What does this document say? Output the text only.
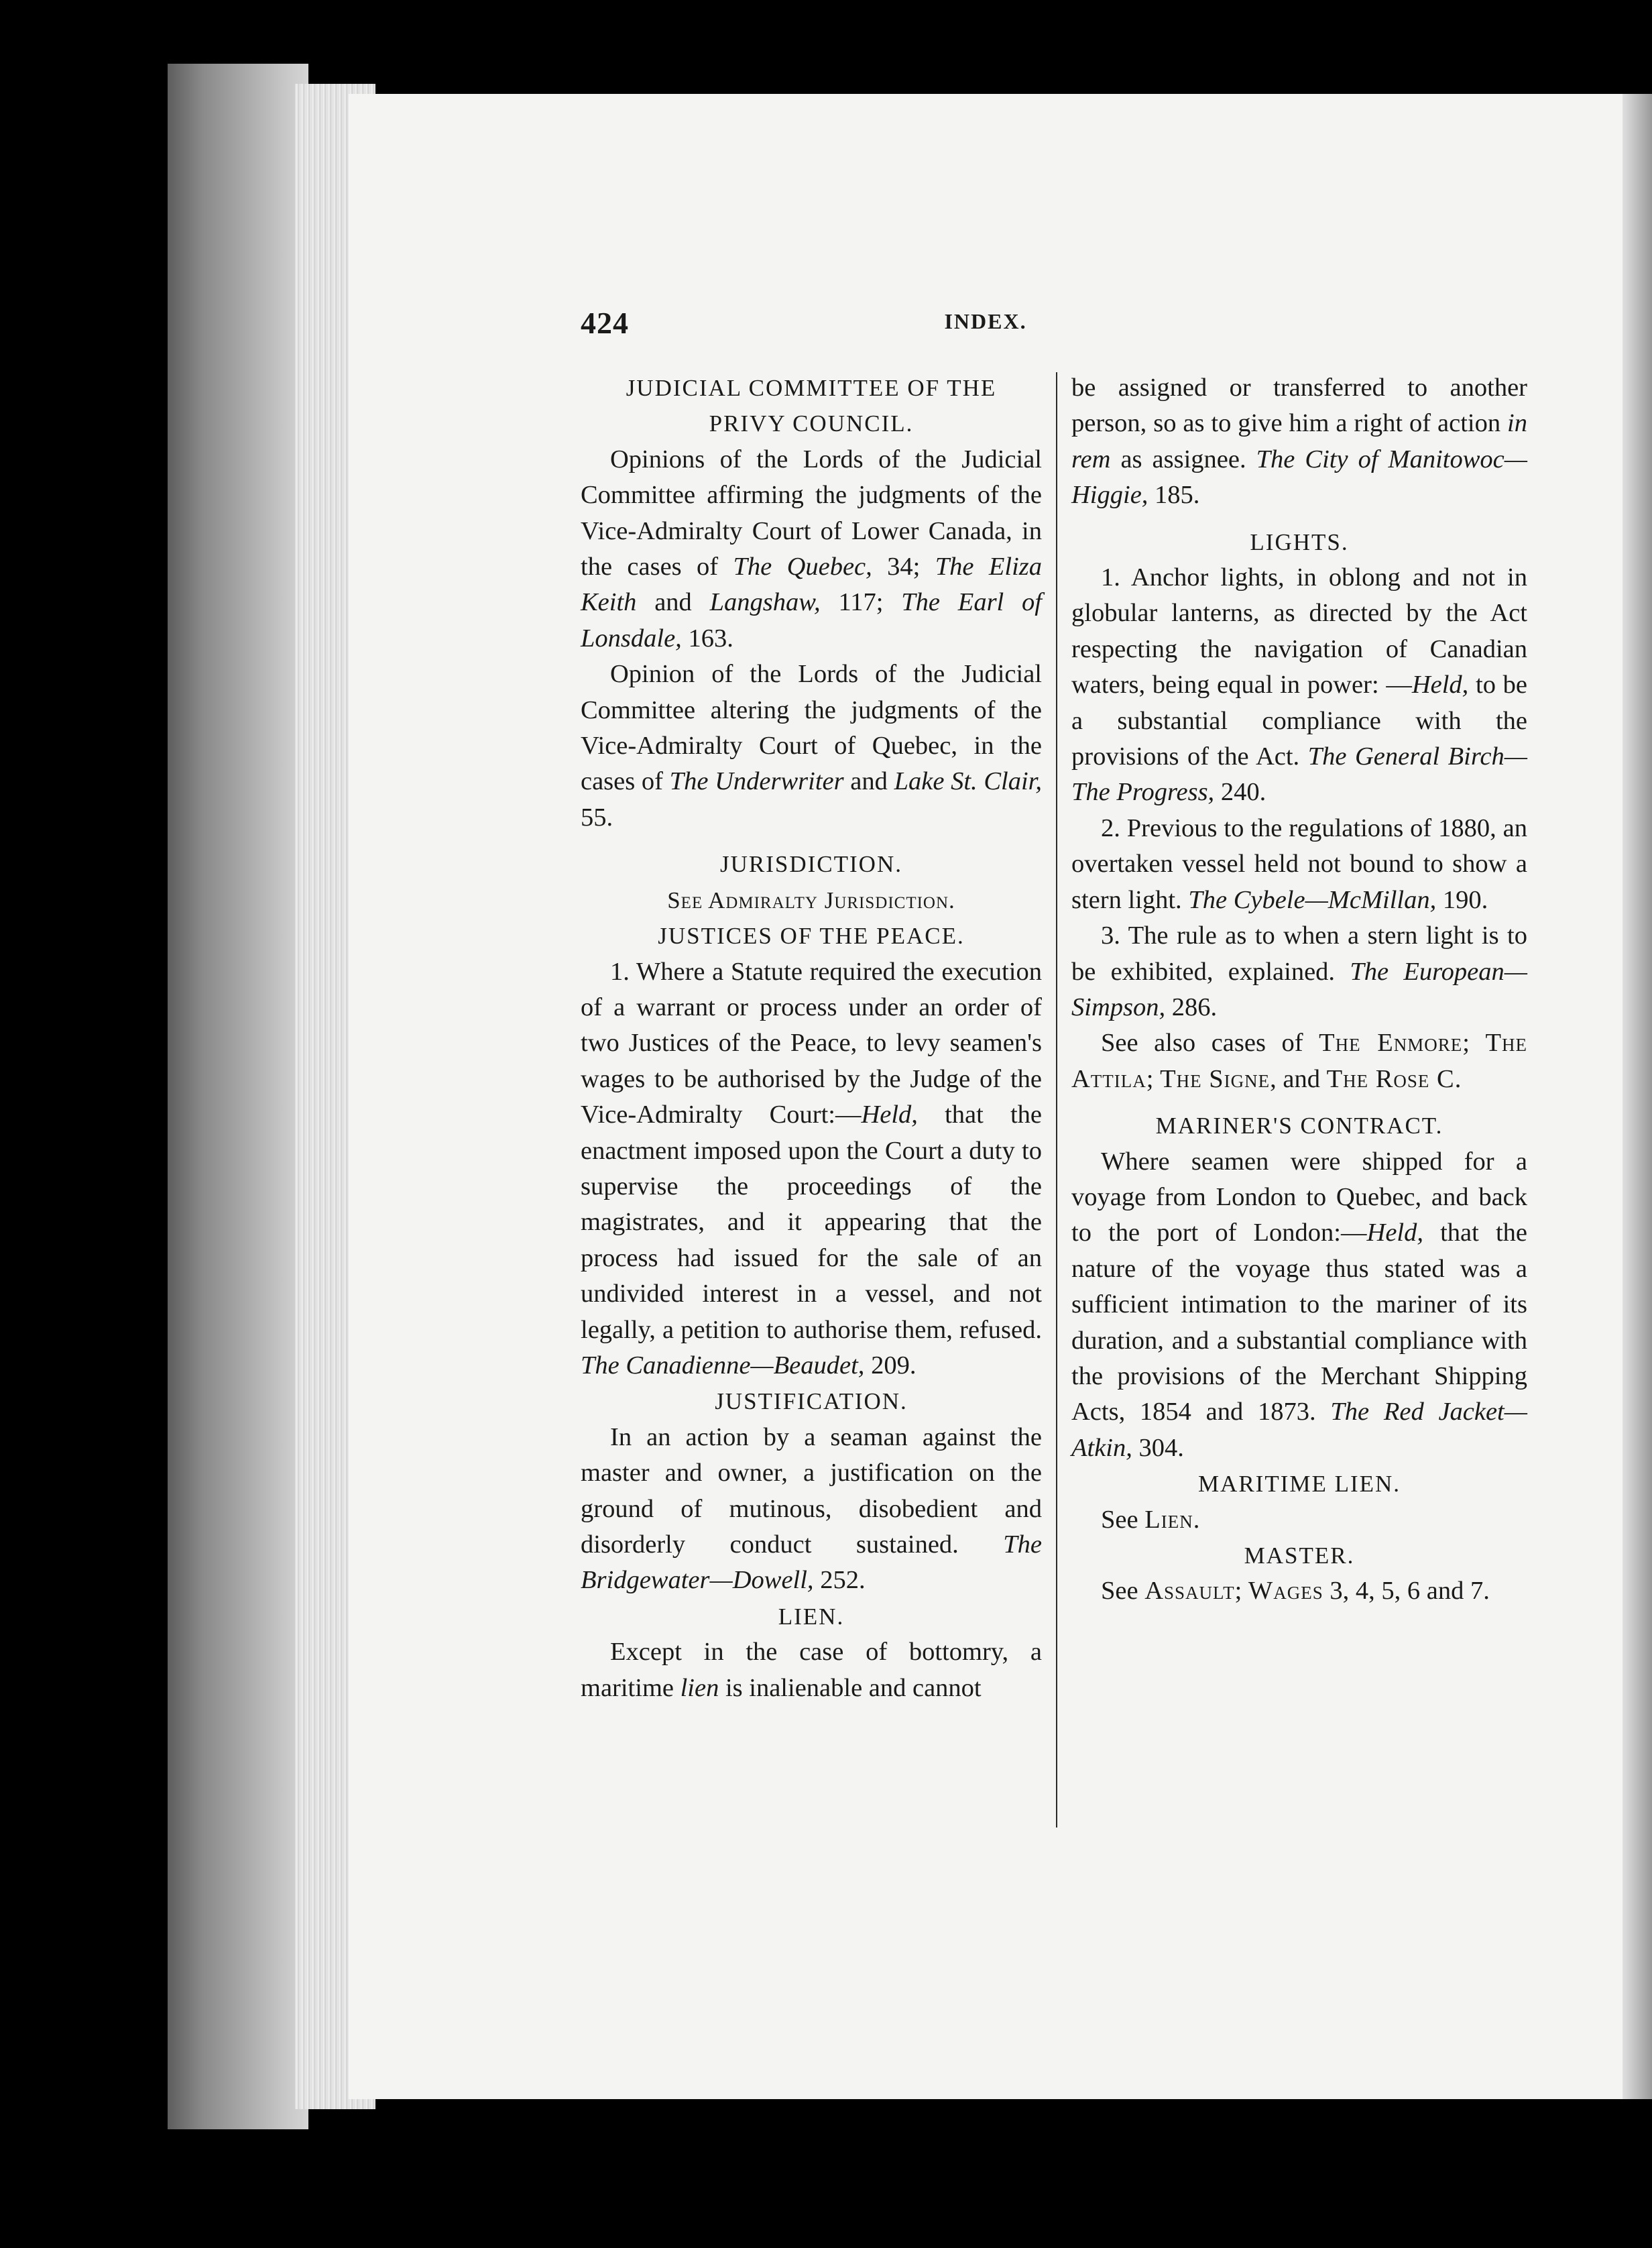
424	INDEX.
JUDICIAL COMMITTEE OF THE
PRIVY COUNCIL.

Opinions of the Lords of the Judicial Committee affirming the judgments of the Vice-Admiralty Court of Lower Canada, in the cases of The Quebec, 34; The Eliza Keith and Langshaw, 117; The Earl of Lonsdale, 163.

Opinion of the Lords of the Judicial Committee altering the judgments of the Vice-Admiralty Court of Quebec, in the cases of The Underwriter and Lake St. Clair, 55.

JURISDICTION.
See Admiralty Jurisdiction.
JUSTICES OF THE PEACE.

1. Where a Statute required the execution of a warrant or process under an order of two Justices of the Peace, to levy seamen's wages to be authorised by the Judge of the Vice-Admiralty Court:—Held, that the enactment imposed upon the Court a duty to supervise the proceedings of the magistrates, and it appearing that the process had issued for the sale of an undivided interest in a vessel, and not legally, a petition to authorise them, refused. The Canadienne—Beaudet, 209.

JUSTIFICATION.

In an action by a seaman against the master and owner, a justification on the ground of mutinous, disobedient and disorderly conduct sustained. The Bridgewater—Dowell, 252.

LIEN.

Except in the case of bottomry, a maritime lien is inalienable and cannot

be assigned or transferred to another person, so as to give him a right of action in rem as assignee. The City of Manitowoc—Higgie, 185.

LIGHTS.

1. Anchor lights, in oblong and not in globular lanterns, as directed by the Act respecting the navigation of Canadian waters, being equal in power: —Held, to be a substantial compliance with the provisions of the Act. The General Birch—The Progress, 240.

2. Previous to the regulations of 1880, an overtaken vessel held not bound to show a stern light. The Cybele—McMillan, 190.

3. The rule as to when a stern light is to be exhibited, explained. The European—Simpson, 286.

See also cases of The Enmore; The Attila; The Signe, and The Rose C.

MARINER'S CONTRACT.

Where seamen were shipped for a voyage from London to Quebec, and back to the port of London:—Held, that the nature of the voyage thus stated was a sufficient intimation to the mariner of its duration, and a substantial compliance with the provisions of the Merchant Shipping Acts, 1854 and 1873. The Red Jacket—Atkin, 304.

MARITIME LIEN.

See Lien.

MASTER.

See Assault; Wages 3, 4, 5, 6 and 7.
